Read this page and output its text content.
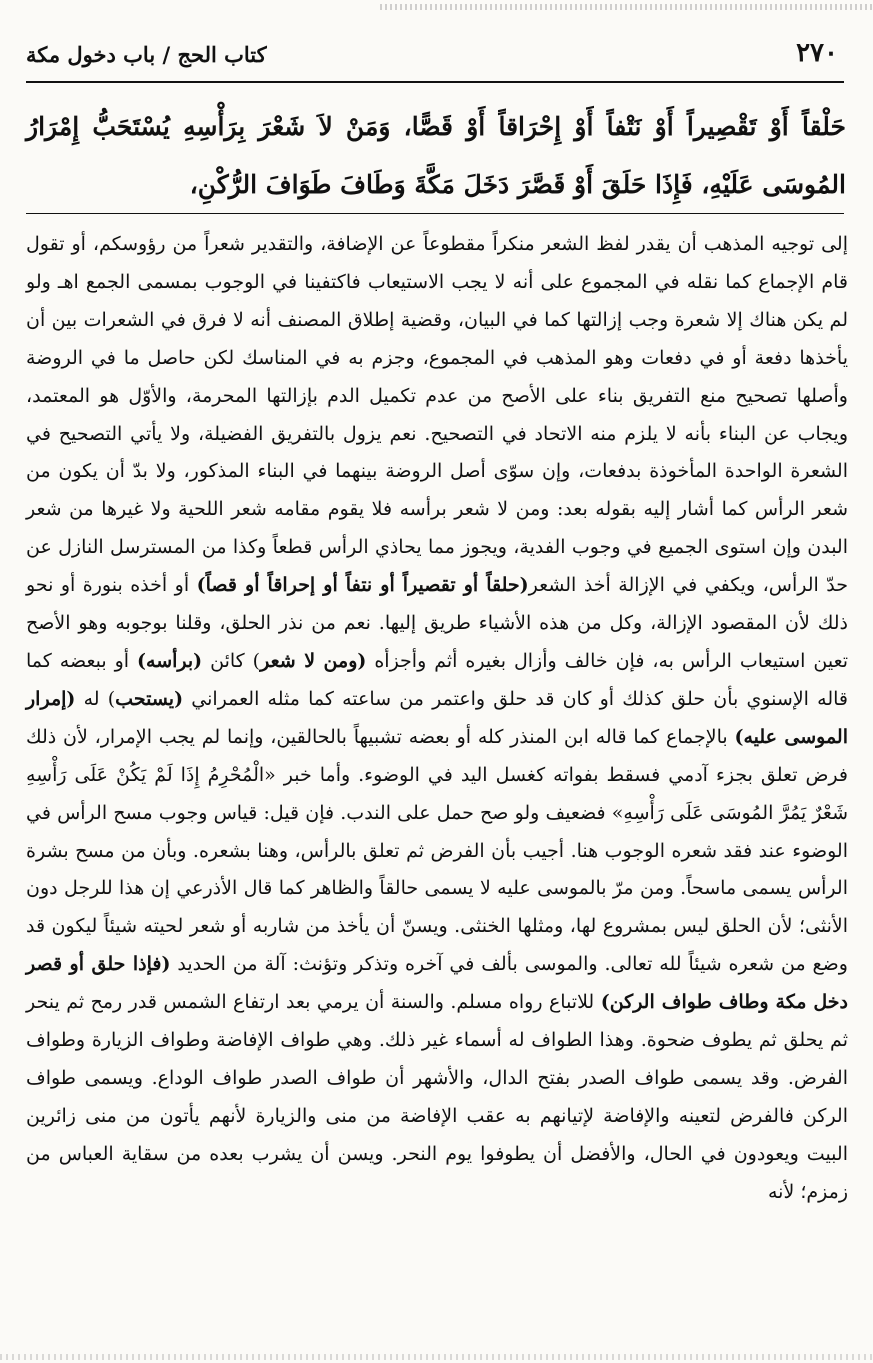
٢٧٠
كتاب الحج / باب دخول مكة
حَلْقاً أَوْ تَقْصِيراً أَوْ نَتْفاً أَوْ إِحْرَاقاً أَوْ قَصًّا، وَمَنْ لاَ شَعْرَ بِرَأْسِهِ يُسْتَحَبُّ إِمْرَارُ المُوسَى عَلَيْهِ، فَإِذَا حَلَقَ أَوْ قَصَّرَ دَخَلَ مَكَّةَ وَطَافَ طَوَافَ الرُّكْنِ،

إلى توجيه المذهب أن يقدر لفظ الشعر منكراً مقطوعاً عن الإضافة، والتقدير شعراً من رؤوسكم، أو تقول قام الإجماع كما نقله في المجموع على أنه لا يجب الاستيعاب فاكتفينا في الوجوب بمسمى الجمع اهـ ولو لم يكن هناك إلا شعرة وجب إزالتها كما في البيان، وقضية إطلاق المصنف أنه لا فرق في الشعرات بين أن يأخذها دفعة أو في دفعات وهو المذهب في المجموع، وجزم به في المناسك لكن حاصل ما في الروضة وأصلها تصحيح منع التفريق بناء على الأصح من عدم تكميل الدم بإزالتها المحرمة، والأوّل هو المعتمد، ويجاب عن البناء بأنه لا يلزم منه الاتحاد في التصحيح. نعم يزول بالتفريق الفضيلة، ولا يأتي التصحيح في الشعرة الواحدة المأخوذة بدفعات، وإن سوّى أصل الروضة بينهما في البناء المذكور، ولا بدّ أن يكون من شعر الرأس كما أشار إليه بقوله بعد: ومن لا شعر برأسه فلا يقوم مقامه شعر اللحية ولا غيرها من شعر البدن وإن استوى الجميع في وجوب الفدية، ويجوز مما يحاذي الرأس قطعاً وكذا من المسترسل النازل عن حدّ الرأس، ويكفي في الإزالة أخذ الشعر(حلقاً أو تقصيراً أو نتفاً أو إحراقاً أو قصاً) أو أخذه بنورة أو نحو ذلك لأن المقصود الإزالة، وكل من هذه الأشياء طريق إليها. نعم من نذر الحلق، وقلنا بوجوبه وهو الأصح تعين استيعاب الرأس به، فإن خالف وأزال بغيره أثم وأجزأه (ومن لا شعر) كائن (برأسه) أو ببعضه كما قاله الإسنوي بأن حلق كذلك أو كان قد حلق واعتمر من ساعته كما مثله العمراني (يستحب) له (إمرار الموسى عليه) بالإجماع كما قاله ابن المنذر كله أو بعضه تشبيهاً بالحالقين، وإنما لم يجب الإمرار، لأن ذلك فرض تعلق بجزء آدمي فسقط بفواته كغسل اليد في الوضوء. وأما خبر «الْمُحْرِمُ إِذَا لَمْ يَكُنْ عَلَى رَأْسِهِ شَعْرٌ يَمُرَّ المُوسَى عَلَى رَأْسِهِ» فضعيف ولو صح حمل على الندب. فإن قيل: قياس وجوب مسح الرأس في الوضوء عند فقد شعره الوجوب هنا. أجيب بأن الفرض ثم تعلق بالرأس، وهنا بشعره. وبأن من مسح بشرة الرأس يسمى ماسحاً. ومن مرّ بالموسى عليه لا يسمى حالقاً والظاهر كما قال الأذرعي إن هذا للرجل دون الأنثى؛ لأن الحلق ليس بمشروع لها، ومثلها الخنثى. ويسنّ أن يأخذ من شاربه أو شعر لحيته شيئاً ليكون قد وضع من شعره شيئاً لله تعالى. والموسى بألف في آخره وتذكر وتؤنث: آلة من الحديد (فإذا حلق أو قصر دخل مكة وطاف طواف الركن) للاتباع رواه مسلم. والسنة أن يرمي بعد ارتفاع الشمس قدر رمح ثم ينحر ثم يحلق ثم يطوف ضحوة. وهذا الطواف له أسماء غير ذلك. وهي طواف الإفاضة وطواف الزيارة وطواف الفرض. وقد يسمى طواف الصدر بفتح الدال، والأشهر أن طواف الصدر طواف الوداع. ويسمى طواف الركن فالفرض لتعينه والإفاضة لإتيانهم به عقب الإفاضة من منى والزيارة لأنهم يأتون من منى زائرين البيت ويعودون في الحال، والأفضل أن يطوفوا يوم النحر. ويسن أن يشرب بعده من سقاية العباس من زمزم؛ لأنه
